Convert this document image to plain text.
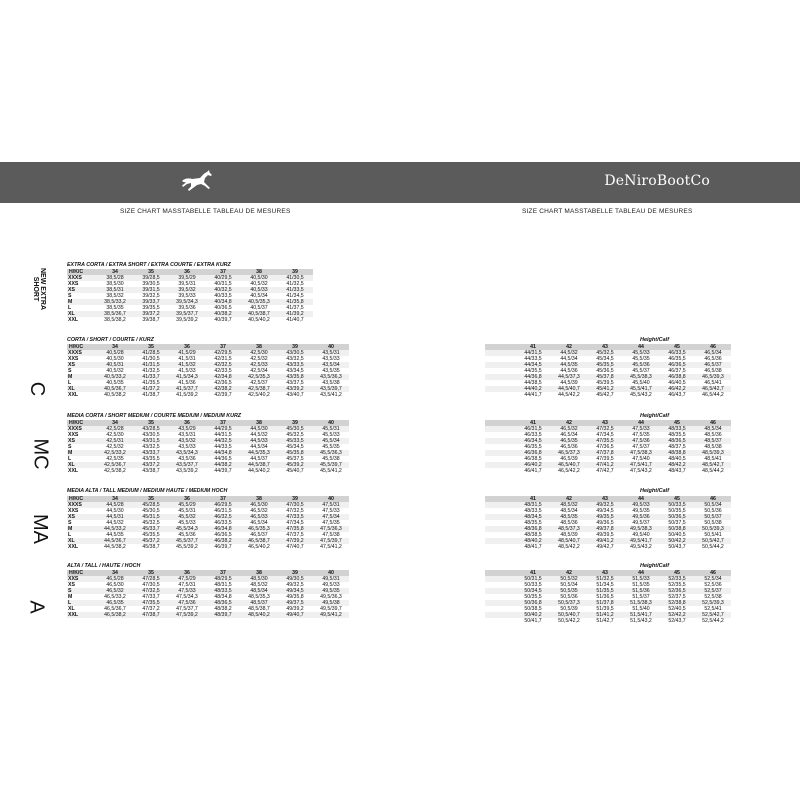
DeNiroBootCo
SIZE CHART MASSTABELLE TABLEAU DE MESURES	SIZE CHART MASSTABELLE TABLEAU DE MESURES
EXTRA CORTA / EXTRA SHORT / EXTRA COURTE / EXTRA KURZ
NEW EXTRA SHORT
H/K/C	34	35	36	37	38	39
XXXS	38,5/28	39/28,5	39,5/29	40/29,5	40,5/30	41/30,5
XXS	38,5/30	39/30,5	39,5/31	40/31,5	40,5/32	41/32,5
XS	38,5/31	39/31,5	39,5/32	40/32,5	40,5/33	41/33,5
S	38,5/32	39/32,5	39,5/33	40/33,5	40,5/34	41/34,5
M	38,5/33,2	39/33,7	39,5/34,3	40/34,8	40,5/35,3	41/35,8
L	38,5/35	39/35,5	39,5/36	40/36,5	40,5/37	41/37,5
XL	38,5/36,7	39/37,2	39,5/37,7	40/38,2	40,5/38,7	41/39,2
XXL	38,5/38,2	39/38,7	39,5/39,2	40/39,7	40,5/40,2	41/40,7
CORTA / SHORT / COURTE / KURZ
C
H/K/C	34	35	36	37	38	39	40
XXXS	40,5/28	41/28,5	41,5/29	42/29,5	42,5/30	43/30,5	43,5/31
XXS	40,5/30	41/30,5	41,5/31	42/31,5	42,5/32	43/32,5	43,5/33
XS	40,5/31	41/31,5	41,5/32	42/32,5	42,5/33	43/33,5	43,5/34
S	40,5/32	41/32,5	41,5/33	42/33,5	42,5/34	43/34,5	43,5/35
M	40,5/33,2	41/33,7	41,5/34,3	42/34,8	42,5/35,3	43/35,8	43,5/36,3
L	40,5/35	41/35,5	41,5/36	42/36,5	42,5/37	43/37,5	43,5/38
XL	40,5/36,7	41/37,2	41,5/37,7	42/38,2	42,5/38,7	43/39,2	43,5/39,7
XXL	40,5/38,2	41/38,7	41,5/39,2	42/39,7	42,5/40,2	43/40,7	43,5/41,2
Height/Calf
	41	42	43	44	45	46
	44/31,5	44,5/32	45/32,5	45,5/33	46/33,5	46,5/34
	44/33,5	44,5/34	45/34,5	45,5/35	46/35,5	46,5/36
	44/34,5	44,5/35	45/35,5	45,5/36	46/36,5	46,5/37
	44/35,5	44,5/36	45/36,5	45,5/37	46/37,5	46,5/38
	44/36,8	44,5/37,3	45/37,8	45,5/38,3	46/38,8	46,5/39,3
	44/38,5	44,5/39	45/39,5	45,5/40	46/40,5	46,5/41
	44/40,2	44,5/40,7	45/41,2	45,5/41,7	46/42,2	46,5/42,7
	44/41,7	44,5/42,2	45/42,7	45,5/43,2	46/43,7	46,5/44,2
MEDIA CORTA / SHORT MEDIUM / COURTE MEDIUM / MEDIUM KURZ
MC
H/K/C	34	35	36	37	38	39	40
XXXS	42,5/28	43/28,5	43,5/29	44/29,5	44,5/30	45/30,5	45,5/31
XXS	42,5/30	43/30,5	43,5/31	44/31,5	44,5/32	45/32,5	45,5/33
XS	42,5/31	43/31,5	43,5/32	44/32,5	44,5/33	45/33,5	45,5/34
S	42,5/32	43/32,5	43,5/33	44/33,5	44,5/34	45/34,5	45,5/35
M	42,5/33,2	43/33,7	43,5/34,3	44/34,8	44,5/35,3	45/35,8	45,5/36,3
L	42,5/35	43/35,5	43,5/36	44/36,5	44,5/37	45/37,5	45,5/38
XL	42,5/36,7	43/37,2	43,5/37,7	44/38,2	44,5/38,7	45/39,2	45,5/39,7
XXL	42,5/38,2	43/38,7	43,5/39,2	44/39,7	44,5/40,2	45/40,7	45,5/41,2
Height/Calf
	41	42	43	44	45	46
	46/31,5	46,5/32	47/32,5	47,5/33	48/33,5	48,5/34
	46/33,5	46,5/34	47/34,5	47,5/35	48/35,5	48,5/36
	46/34,5	46,5/35	47/35,5	47,5/36	48/36,5	48,5/37
	46/35,5	46,5/36	47/36,5	47,5/37	48/37,5	48,5/38
	46/36,8	46,5/37,3	47/37,8	47,5/38,3	48/38,8	48,5/39,3
	46/38,5	46,5/39	47/39,5	47,5/40	48/40,5	48,5/41
	46/40,2	46,5/40,7	47/41,2	47,5/41,7	48/42,2	48,5/42,7
	46/41,7	46,5/42,2	47/42,7	47,5/43,2	48/43,7	48,5/44,2
MEDIA ALTA / TALL MEDIUM / MEDIUM HAUTE / MEDIUM HOCH
MA
H/K/C	34	35	36	37	38	39	40
XXXS	44,5/28	45/28,5	45,5/29	46/29,5	46,5/30	47/30,5	47,5/31
XXS	44,5/30	45/30,5	45,5/31	46/31,5	46,5/32	47/32,5	47,5/33
XS	44,5/31	45/31,5	45,5/32	46/32,5	46,5/33	47/33,5	47,5/34
S	44,5/32	45/32,5	45,5/33	46/33,5	46,5/34	47/34,5	47,5/35
M	44,5/33,2	45/33,7	45,5/34,3	46/34,8	46,5/35,3	47/35,8	47,5/36,3
L	44,5/35	45/35,5	45,5/36	46/36,5	46,5/37	47/37,5	47,5/38
XL	44,5/36,7	45/37,2	45,5/37,7	46/38,2	46,5/38,7	47/39,2	47,5/39,7
XXL	44,5/38,2	45/38,7	45,5/39,2	46/39,7	46,5/40,2	47/40,7	47,5/41,2
Height/Calf
	41	42	43	44	45	46
	48/31,5	48,5/32	49/32,5	49,5/33	50/33,5	50,5/34
	48/33,5	48,5/34	49/34,5	49,5/35	50/35,5	50,5/36
	48/34,5	48,5/35	49/35,5	49,5/36	50/36,5	50,5/37
	48/35,5	48,5/36	49/36,5	49,5/37	50/37,5	50,5/38
	48/36,8	48,5/37,3	49/37,8	49,5/38,3	50/38,8	50,5/39,3
	48/38,5	48,5/39	49/39,5	49,5/40	50/40,5	50,5/41
	48/40,2	48,5/40,7	49/41,2	49,5/41,7	50/42,2	50,5/42,7
	48/41,7	48,5/42,2	49/42,7	49,5/43,2	50/43,7	50,5/44,2
ALTA / TALL / HAUTE / HOCH
A
H/K/C	34	35	36	37	38	39	40
XXS	46,5/28	47/28,5	47,5/29	48/29,5	48,5/30	49/30,5	49,5/31
XS	46,5/30	47/30,5	47,5/31	48/31,5	48,5/32	49/32,5	49,5/33
S	46,5/32	47/32,5	47,5/33	48/33,5	48,5/34	49/34,5	49,5/35
M	46,5/33,2	47/33,7	47,5/34,3	48/34,8	48,5/35,3	49/35,8	49,5/36,3
L	46,5/35	47/35,5	47,5/36	48/36,5	48,5/37	49/37,5	49,5/38
XL	46,5/36,7	47/37,2	47,5/37,7	48/38,2	48,5/38,7	49/39,2	49,5/39,7
XXL	46,5/38,2	47/38,7	47,5/39,2	48/39,7	48,5/40,2	49/40,7	49,5/41,2
Height/Calf
	41	42	43	44	45	46
	50/31,5	50,5/32	51/32,5	51,5/33	52/33,5	52,5/34
	50/33,5	50,5/34	51/34,5	51,5/35	52/35,5	52,5/36
	50/34,5	50,5/35	51/35,5	51,5/36	52/36,5	52,5/37
	50/35,5	50,5/36	51/36,5	51,5/37	52/37,5	52,5/38
	50/36,8	50,5/37,3	51/37,8	51,5/38,3	52/38,8	52,5/39,3
	50/38,5	50,5/39	51/39,5	51,5/40	52/40,5	52,5/41
	50/40,2	50,5/40,7	51/41,2	51,5/41,7	52/42,2	52,5/42,7
	50/41,7	50,5/42,2	51/42,7	51,5/43,2	52/43,7	52,5/44,2
